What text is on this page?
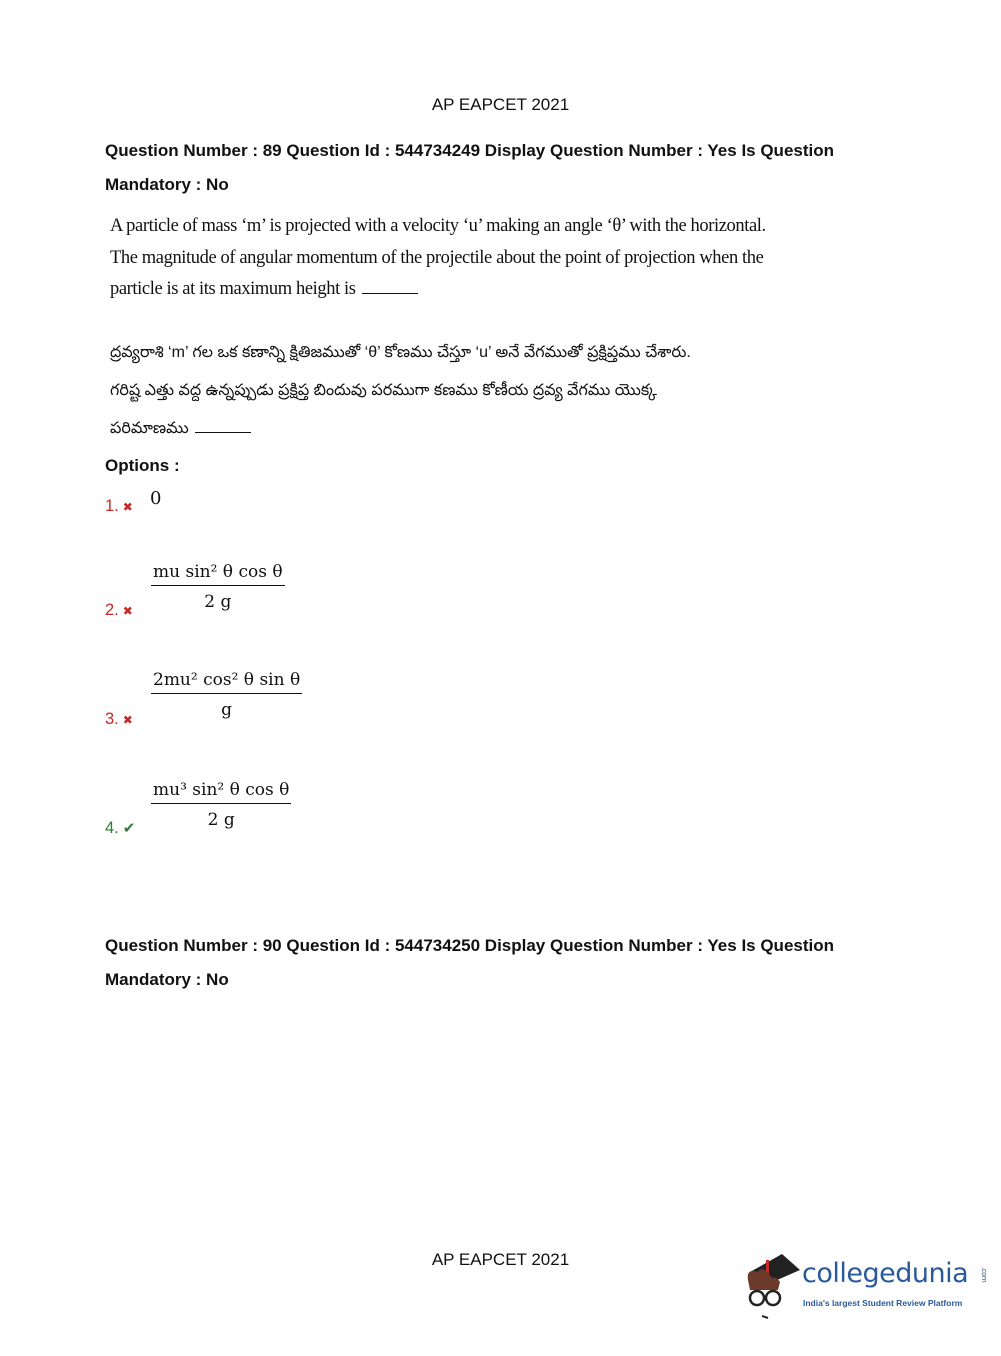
AP EAPCET 2021
Question Number : 89 Question Id : 544734249 Display Question Number : Yes Is Question
Mandatory : No
A particle of mass ‘m’ is projected with a velocity ‘u’ making an angle ‘θ’ with the horizontal.
The magnitude of angular momentum of the projectile about the point of projection when the
particle is at its maximum height is
ద్రవ్యరాశి ‘m’ గల ఒక కణాన్ని క్షితిజముతో ‘θ’ కోణము చేస్తూ ‘u’ అనే వేగముతో ప్రక్షిప్తము చేశారు.
గరిష్ట ఎత్తు వద్ద ఉన్నప్పుడు ప్రక్షిప్త బిందువు పరముగా కణము కోణీయ ద్రవ్య వేగము యొక్క
పరిమాణము
Options :
1. ✖ 0
2. ✖ $\frac{\text{mu sin² θ cos θ}}{2 g}$
3. ✖ $\frac{\text{2mu² cos² θ sin θ}}{g}$
4. ✔ $\frac{\text{mu³ sin² θ cos θ}}{2 g}$
Question Number : 90 Question Id : 544734250 Display Question Number : Yes Is Question
Mandatory : No
AP EAPCET 2021	collegedunia .com
India's largest Student Review Platform
